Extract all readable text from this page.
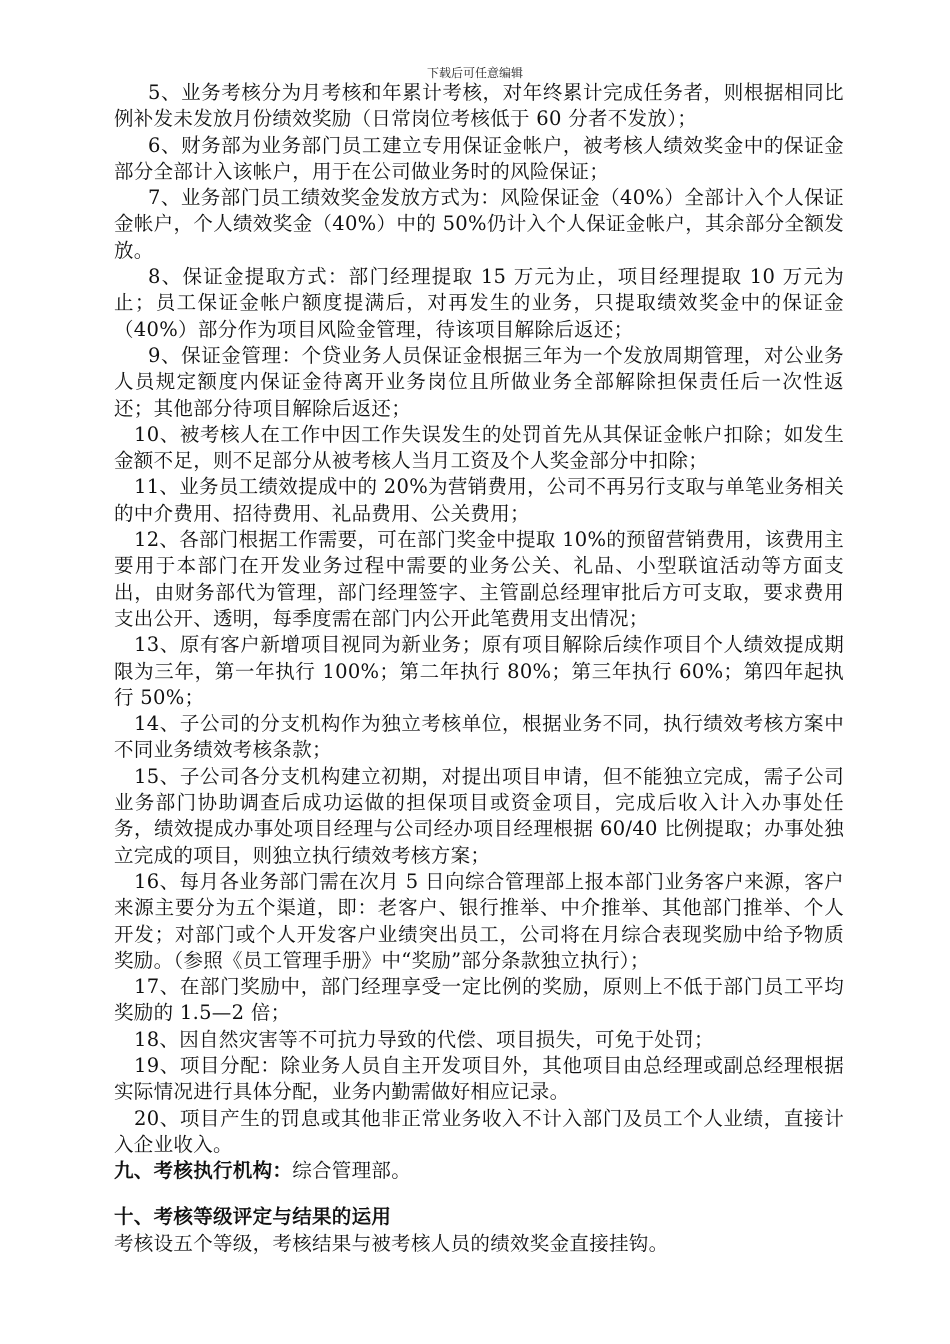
下载后可任意编辑

5、业务考核分为月考核和年累计考核，对年终累计完成任务者，则根据相同比例补发未发放月份绩效奖励（日常岗位考核低于 60 分者不发放）；

6、财务部为业务部门员工建立专用保证金帐户，被考核人绩效奖金中的保证金部分全部计入该帐户，用于在公司做业务时的风险保证；

7、业务部门员工绩效奖金发放方式为：风险保证金（40%）全部计入个人保证金帐户，个人绩效奖金（40%）中的 50%仍计入个人保证金帐户，其余部分全额发放。

8、保证金提取方式：部门经理提取 15 万元为止，项目经理提取 10 万元为止；员工保证金帐户额度提满后，对再发生的业务，只提取绩效奖金中的保证金（40%）部分作为项目风险金管理，待该项目解除后返还；

9、保证金管理：个贷业务人员保证金根据三年为一个发放周期管理，对公业务人员规定额度内保证金待离开业务岗位且所做业务全部解除担保责任后一次性返还；其他部分待项目解除后返还；

10、被考核人在工作中因工作失误发生的处罚首先从其保证金帐户扣除；如发生金额不足，则不足部分从被考核人当月工资及个人奖金部分中扣除；

11、业务员工绩效提成中的 20%为营销费用，公司不再另行支取与单笔业务相关的中介费用、招待费用、礼品费用、公关费用；

12、各部门根据工作需要，可在部门奖金中提取 10%的预留营销费用，该费用主要用于本部门在开发业务过程中需要的业务公关、礼品、小型联谊活动等方面支出，由财务部代为管理，部门经理签字、主管副总经理审批后方可支取，要求费用支出公开、透明，每季度需在部门内公开此笔费用支出情况；

13、原有客户新增项目视同为新业务；原有项目解除后续作项目个人绩效提成期限为三年，第一年执行 100%；第二年执行 80%；第三年执行 60%；第四年起执行 50%；

14、子公司的分支机构作为独立考核单位，根据业务不同，执行绩效考核方案中不同业务绩效考核条款；

15、子公司各分支机构建立初期，对提出项目申请，但不能独立完成，需子公司业务部门协助调查后成功运做的担保项目或资金项目，完成后收入计入办事处任务，绩效提成办事处项目经理与公司经办项目经理根据 60/40 比例提取；办事处独立完成的项目，则独立执行绩效考核方案；

16、每月各业务部门需在次月 5 日向综合管理部上报本部门业务客户来源，客户来源主要分为五个渠道，即：老客户、银行推举、中介推举、其他部门推举、个人开发；对部门或个人开发客户业绩突出员工，公司将在月综合表现奖励中给予物质奖励。（参照《员工管理手册》中“奖励”部分条款独立执行）；

17、在部门奖励中，部门经理享受一定比例的奖励，原则上不低于部门员工平均奖励的 1.5—2 倍；

18、因自然灾害等不可抗力导致的代偿、项目损失，可免于处罚；

19、项目分配：除业务人员自主开发项目外，其他项目由总经理或副总经理根据实际情况进行具体分配，业务内勤需做好相应记录。

20、项目产生的罚息或其他非正常业务收入不计入部门及员工个人业绩，直接计入企业收入。

九、考核执行机构：综合管理部。

十、考核等级评定与结果的运用

考核设五个等级，考核结果与被考核人员的绩效奖金直接挂钩。
